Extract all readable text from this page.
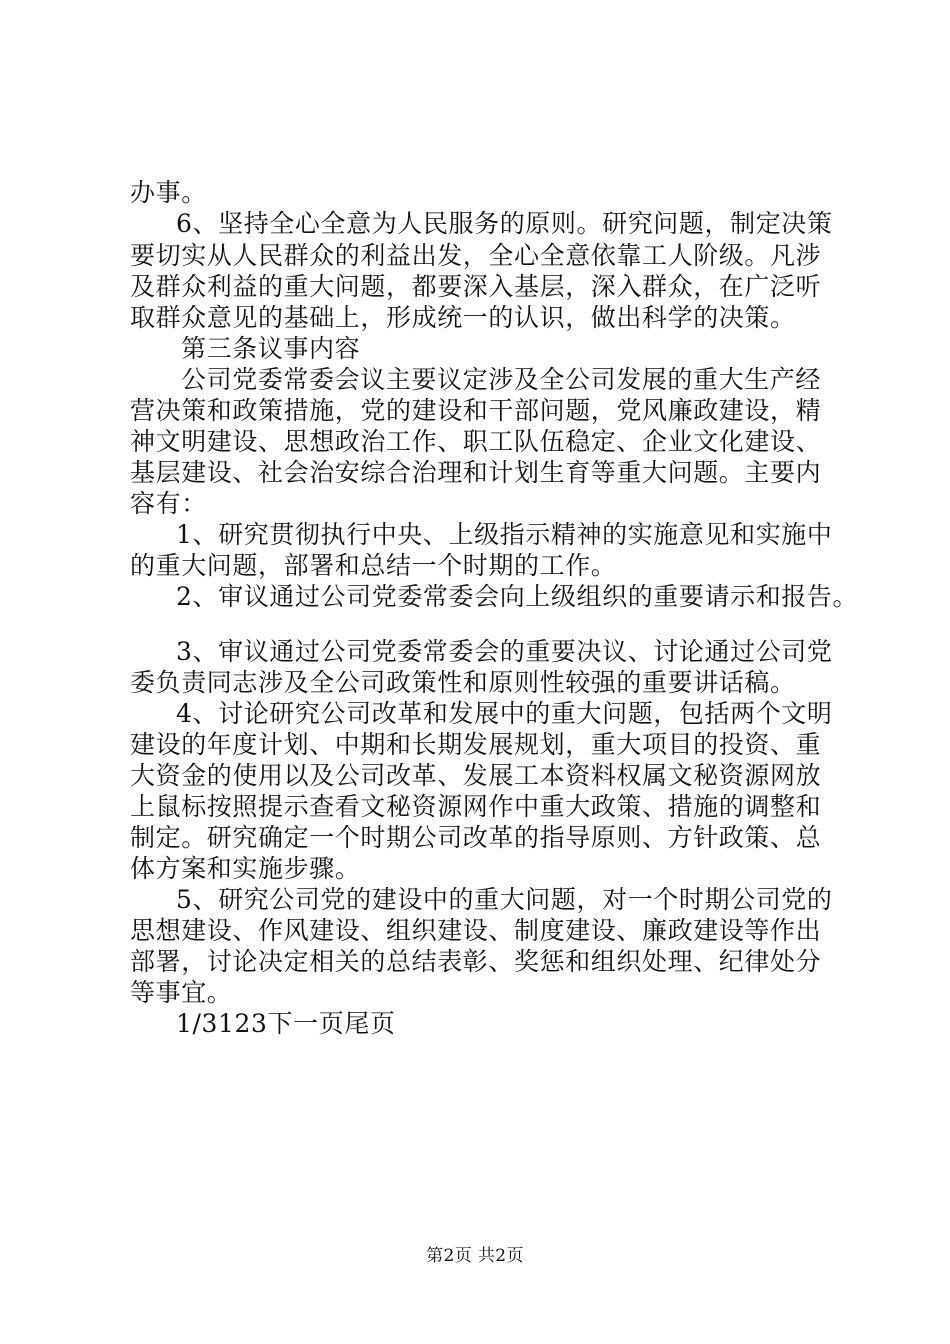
办事。
6、坚持全心全意为人民服务的原则。研究问题，制定决策
要切实从人民群众的利益出发，全心全意依靠工人阶级。凡涉
及群众利益的重大问题，都要深入基层，深入群众，在广泛听
取群众意见的基础上，形成统一的认识，做出科学的决策。
第三条议事内容
公司党委常委会议主要议定涉及全公司发展的重大生产经
营决策和政策措施，党的建设和干部问题，党风廉政建设，精
神文明建设、思想政治工作、职工队伍稳定、企业文化建设、
基层建设、社会治安综合治理和计划生育等重大问题。主要内
容有：
1、研究贯彻执行中央、上级指示精神的实施意见和实施中
的重大问题，部署和总结一个时期的工作。
2、审议通过公司党委常委会向上级组织的重要请示和报告。
3、审议通过公司党委常委会的重要决议、讨论通过公司党
委负责同志涉及全公司政策性和原则性较强的重要讲话稿。
4、讨论研究公司改革和发展中的重大问题，包括两个文明
建设的年度计划、中期和长期发展规划，重大项目的投资、重
大资金的使用以及公司改革、发展工本资料权属文秘资源网放
上鼠标按照提示查看文秘资源网作中重大政策、措施的调整和
制定。研究确定一个时期公司改革的指导原则、方针政策、总
体方案和实施步骤。
5、研究公司党的建设中的重大问题，对一个时期公司党的
思想建设、作风建设、组织建设、制度建设、廉政建设等作出
部署，讨论决定相关的总结表彰、奖惩和组织处理、纪律处分
等事宜。
1/3123下一页尾页
第2页 共2页
